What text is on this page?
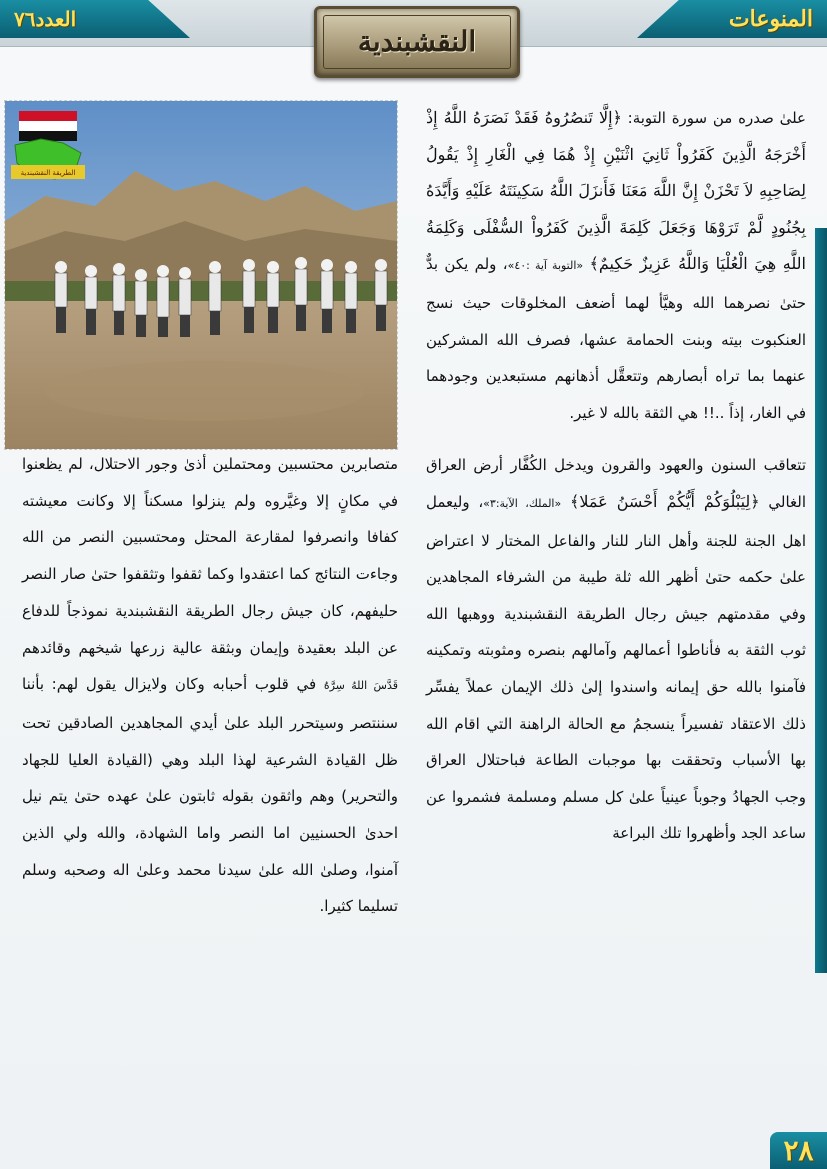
المنوعات
العدد٧٦
النقشبندية
الطريقة النقشبندية

علىٰ صدره من سورة التوبة: ﴿إِلَّا تَنصُرُوهُ فَقَدْ نَصَرَهُ اللَّهُ إِذْ أَخْرَجَهُ الَّذِينَ كَفَرُواْ ثَانِيَ اثْنَيْنِ إِذْ هُمَا فِي الْغَارِ إِذْ يَقُولُ لِصَاحِبِهِ لاَ تَحْزَنْ إِنَّ اللَّهَ مَعَنَا فَأَنزَلَ اللَّهُ سَكِينَتَهُ عَلَيْهِ وَأَيَّدَهُ بِجُنُودٍ لَّمْ تَرَوْهَا وَجَعَلَ كَلِمَةَ الَّذِينَ كَفَرُواْ السُّفْلَى وَكَلِمَةُ اللَّهِ هِيَ الْعُلْيَا وَاللَّهُ عَزِيزٌ حَكِيمٌ﴾ «التوبة آية :٤٠»، ولم يكن بدٌّ حتىٰ نصرهما الله وهيَّأ لهما أضعف المخلوقات حيث نسج العنكبوت بيته وبنت الحمامة عشها، فصرف الله المشركين عنهما بما تراه أبصارهم وتتعقَّل أذهانهم مستبعدين وجودهما في الغار، إذاً ..!! هي الثقة بالله لا غير.

تتعاقب السنون والعهود والقرون ويدخل الكُفَّار أرض العراق الغالي ﴿لِيَبْلُوَكُمْ أَيُّكُمْ أَحْسَنُ عَمَلا﴾ «الملك، الآية:٣»، وليعمل اهل الجنة للجنة وأهل النار للنار والفاعل المختار لا اعتراض علىٰ حكمه حتىٰ أظهر الله ثلة طيبة من الشرفاء المجاهدين وفي مقدمتهم جيش رجال الطريقة النقشبندية ووهبها الله ثوب الثقة به فأناطوا أعمالهم وآمالهم بنصره ومثوبته وتمكينه فآمنوا بالله حق إيمانه واسندوا إلىٰ ذلك الإيمان عملاً يفسِّر ذلك الاعتقاد تفسيراً ينسجمُ مع الحالة الراهنة التي اقام الله بها الأسباب وتحققت بها موجبات الطاعة فباحتلال العراق وجب الجهادُ وجوباً عينياً علىٰ كل مسلم ومسلمة فشمروا عن ساعد الجد وأظهروا تلك البراعة

متصابرين محتسبين ومحتملين أذىٰ وجور الاحتلال، لم يظعنوا في مكانٍ إلا وغيَّروه ولم ينزلوا مسكناً إلا وكانت معيشته كفافا وانصرفوا لمقارعة المحتل ومحتسبين النصر من الله وجاءت النتائج كما اعتقدوا وكما ثقفوا وتثقفوا حتىٰ صار النصر حليفهم، كان جيش رجال الطريقة النقشبندية نموذجاً للدفاع عن البلد بعقيدة وإيمان وبثقة عالية زرعها شيخهم وقائدهم قَدَّسَ اللهُ سِرَّهُ في قلوب أحبابه وكان ولايزال يقول لهم: بأننا سننتصر وسيتحرر البلد علىٰ أيدي المجاهدين الصادقين تحت ظل القيادة الشرعية لهذا البلد وهي (القيادة العليا للجهاد والتحرير) وهم واثقون بقوله ثابتون علىٰ عهده حتىٰ يتم نيل احدىٰ الحسنيين اما النصر واما الشهادة، والله ولي الذين آمنوا، وصلىٰ الله علىٰ سيدنا محمد وعلىٰ اله وصحبه وسلم تسليما كثيرا.

٢٨
